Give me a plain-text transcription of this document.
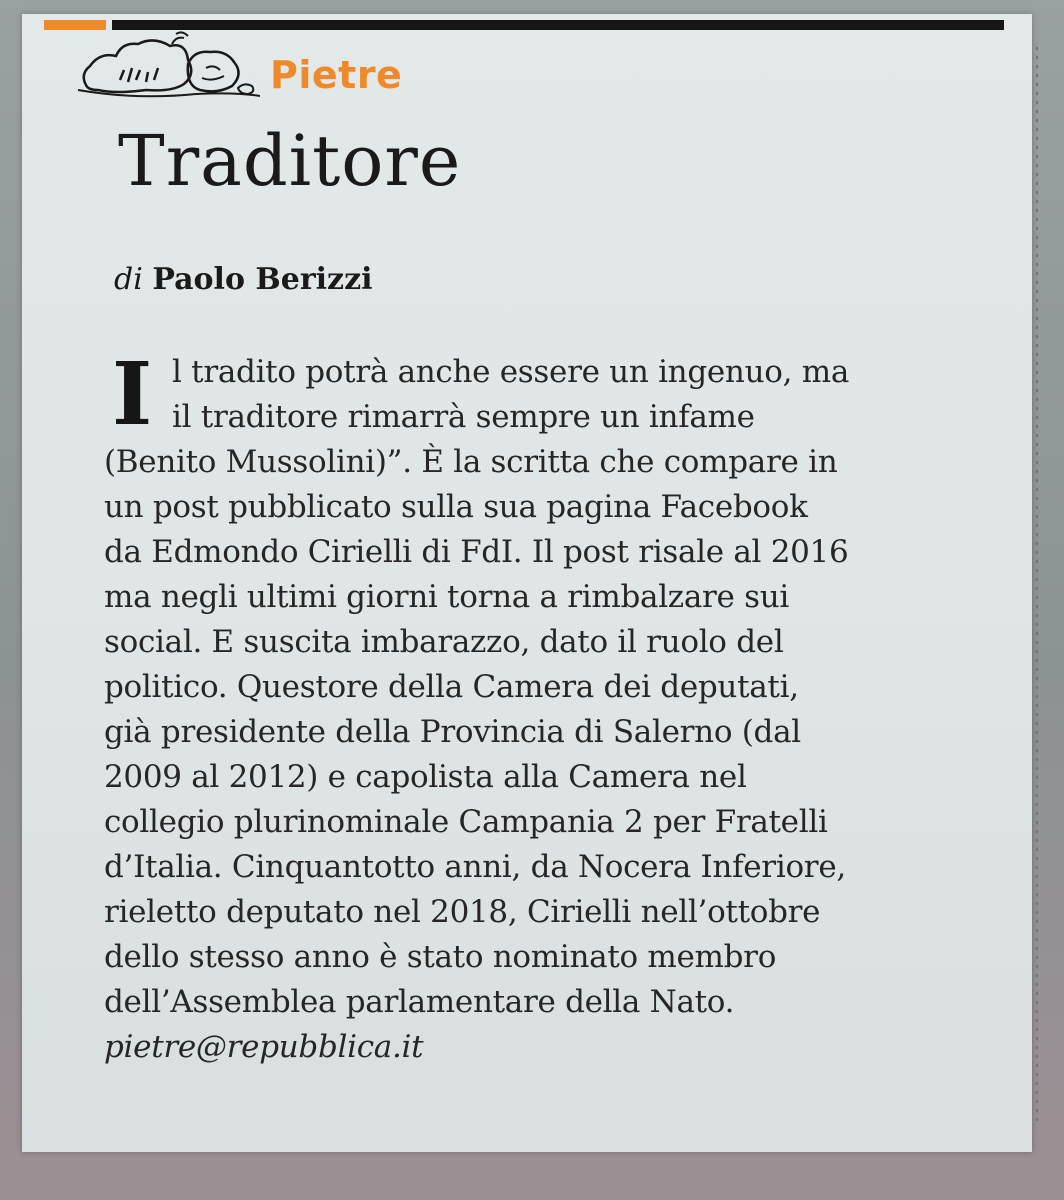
Pietre
Traditore
di Paolo Berizzi
I l tradito potrà anche essere un ingenuo, ma
il traditore rimarrà sempre un infame
(Benito Mussolini)”. È la scritta che compare in
un post pubblicato sulla sua pagina Facebook
da Edmondo Cirielli di FdI. Il post risale al 2016
ma negli ultimi giorni torna a rimbalzare sui
social. E suscita imbarazzo, dato il ruolo del
politico. Questore della Camera dei deputati,
già presidente della Provincia di Salerno (dal
2009 al 2012) e capolista alla Camera nel
collegio plurinominale Campania 2 per Fratelli
d’Italia. Cinquantotto anni, da Nocera Inferiore,
rieletto deputato nel 2018, Cirielli nell’ottobre
dello stesso anno è stato nominato membro
dell’Assemblea parlamentare della Nato.
pietre@repubblica.it
